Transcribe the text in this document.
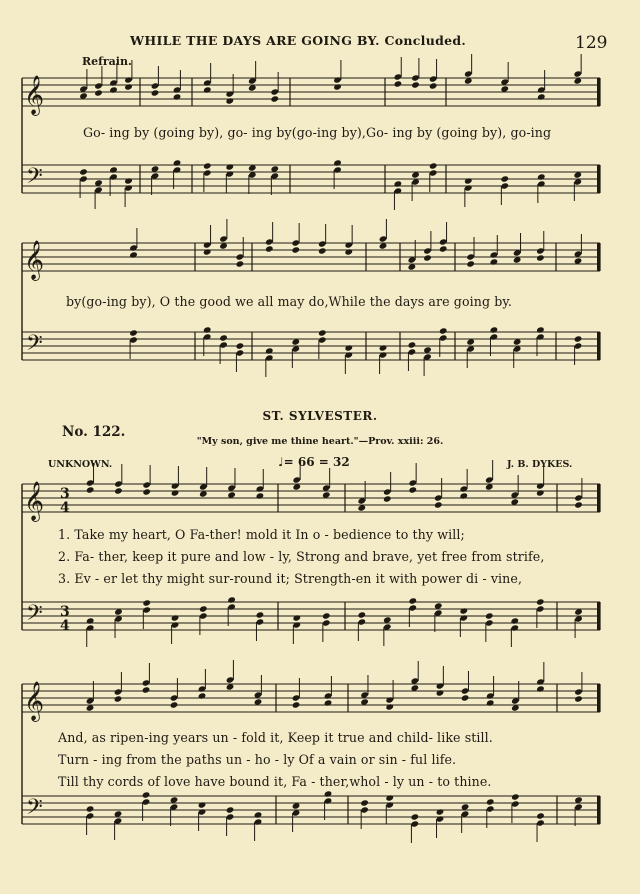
𝄞
𝄢
𝄞
𝄢
𝄞
𝄢
𝄞
𝄢
3
4
3
4
WHILE THE DAYS ARE GOING BY. Concluded.	129
Refrain.
Go- ing by (going by), go- ing by(go-ing by),Go- ing by (going by), go-ing
by(go-ing by), O the good we all may do,While the days are going by.
ST. SYLVESTER.
No. 122.
"My son, give me thine heart."—Prov. xxiii: 26.
UNKNOWN.	J. B. DYKES.
♩= 66 = 32
1. Take my heart, O Fa-ther! mold it In o - bedience to thy will;
2. Fa- ther, keep it pure and low - ly, Strong and brave, yet free from strife,
3. Ev - er let thy might sur-round it; Strength-en it with power di - vine,
And, as ripen-ing years un - fold it, Keep it true and child- like still.
Turn - ing from the paths un - ho - ly Of a vain or sin - ful life.
Till thy cords of love have bound it, Fa - ther,whol - ly un - to thine.
